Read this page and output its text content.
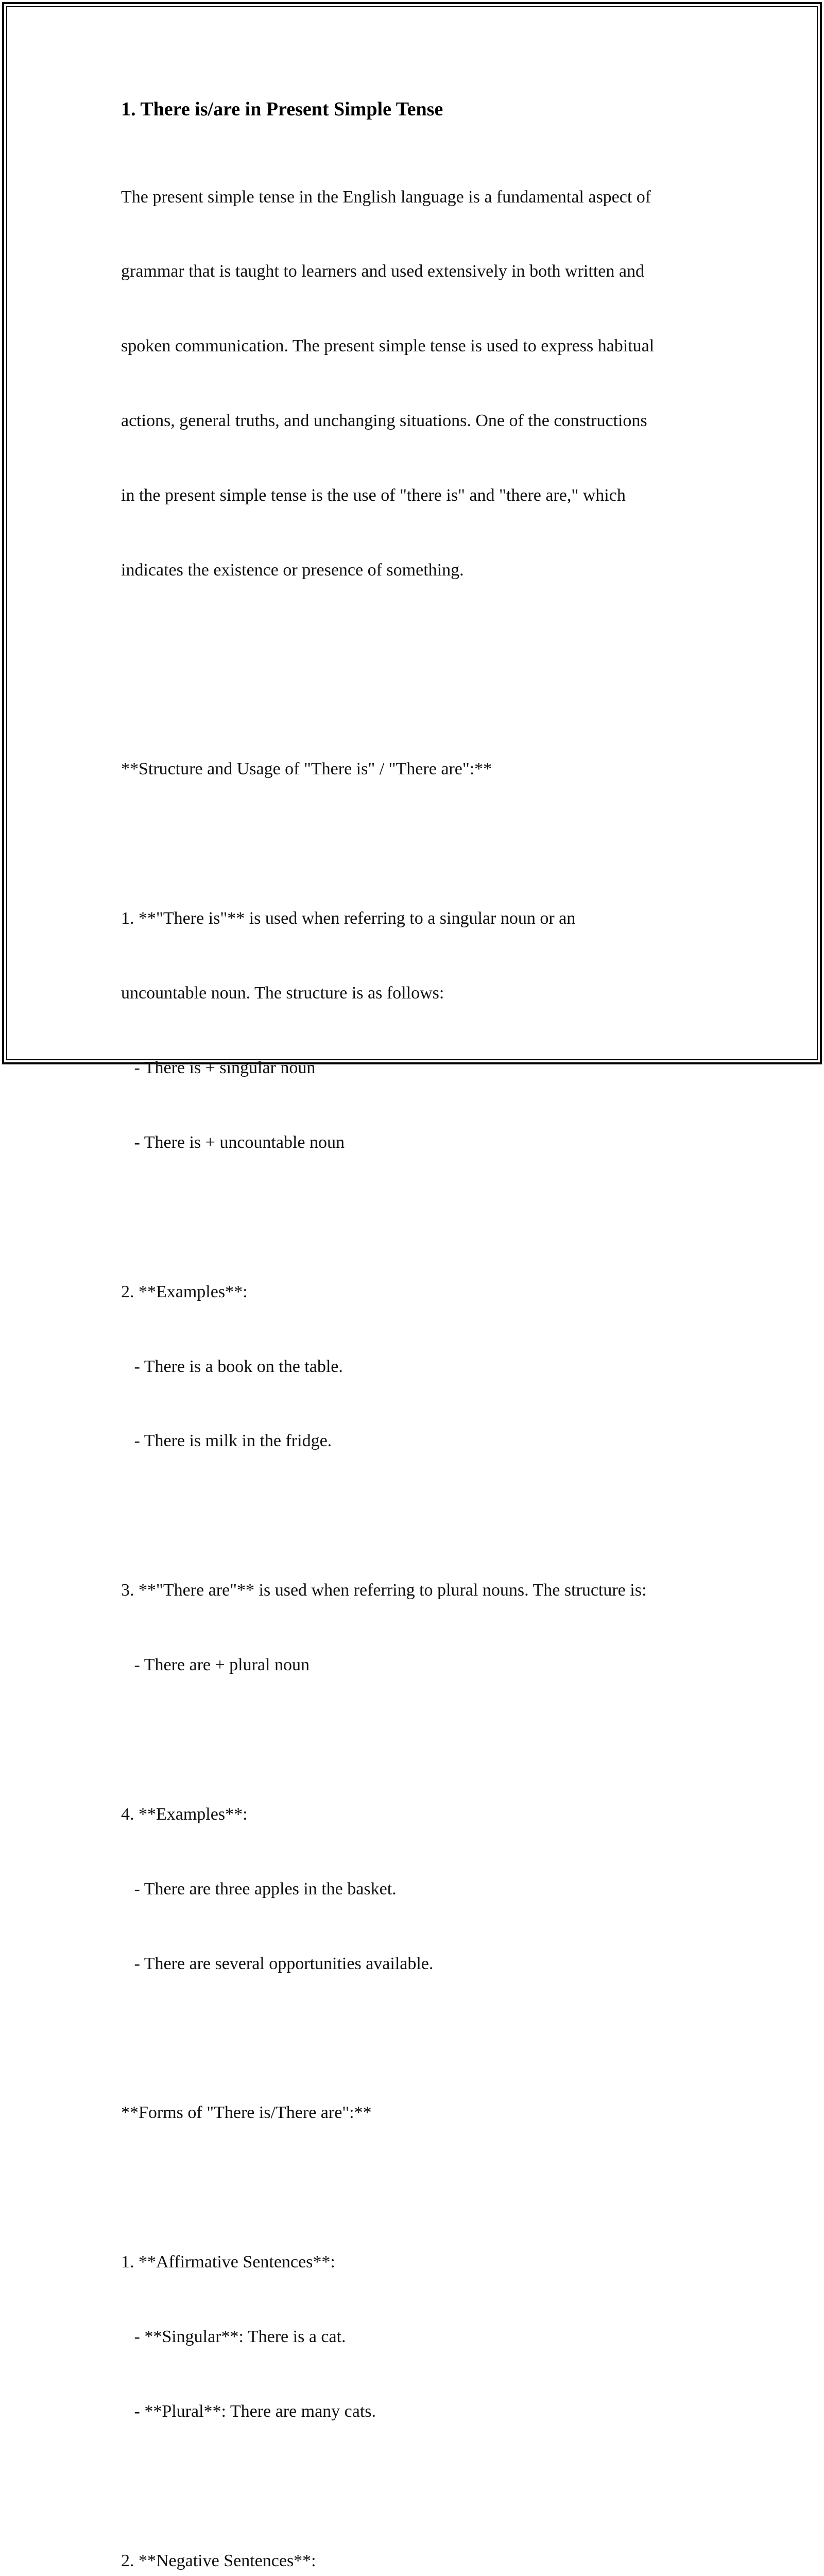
1. There is/are in Present Simple Tense

The present simple tense in the English language is a fundamental aspect of

grammar that is taught to learners and used extensively in both written and

spoken communication. The present simple tense is used to express habitual

actions, general truths, and unchanging situations. One of the constructions

in the present simple tense is the use of "there is" and "there are," which

indicates the existence or presence of something.

**Structure and Usage of "There is" / "There are":**

1. **"There is"** is used when referring to a singular noun or an

uncountable noun. The structure is as follows:

- There is + singular noun

- There is + uncountable noun

2. **Examples**:

- There is a book on the table.

- There is milk in the fridge.

3. **"There are"** is used when referring to plural nouns. The structure is:

- There are + plural noun

4. **Examples**:

- There are three apples in the basket.

- There are several opportunities available.

**Forms of "There is/There are":**

1. **Affirmative Sentences**:

- **Singular**: There is a cat.

- **Plural**: There are many cats.

2. **Negative Sentences**:
